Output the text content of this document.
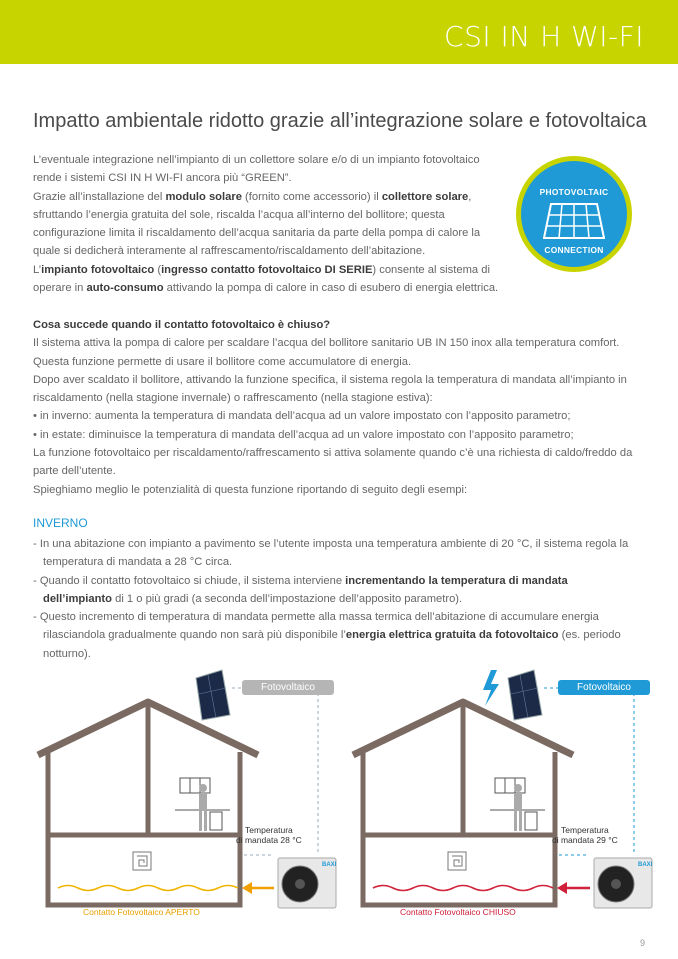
CSI IN H WI-FI
Impatto ambientale ridotto grazie all’integrazione solare e fotovoltaica
L’eventuale integrazione nell’impianto di un collettore solare e/o di un impianto fotovoltaico rende i sistemi CSI IN H WI-FI ancora più “GREEN”.
Grazie all’installazione del modulo solare (fornito come accessorio) il collettore solare, sfruttando l’energia gratuita del sole, riscalda l’acqua all’interno del bollitore; questa configurazione limita il riscaldamento dell’acqua sanitaria da parte della pompa di calore la quale si dedicherà interamente al raffrescamento/riscaldamento dell’abitazione.
L’impianto fotovoltaico (ingresso contatto fotovoltaico DI SERIE) consente al sistema di operare in auto-consumo attivando la pompa di calore in caso di esubero di energia elettrica.
PHOTOVOLTAIC
CONNECTION
Cosa succede quando il contatto fotovoltaico è chiuso?
Il sistema attiva la pompa di calore per scaldare l’acqua del bollitore sanitario UB IN 150 inox alla temperatura comfort. Questa funzione permette di usare il bollitore come accumulatore di energia.
Dopo aver scaldato il bollitore, attivando la funzione specifica, il sistema regola la temperatura di mandata all’impianto in riscaldamento (nella stagione invernale) o raffrescamento (nella stagione estiva):
• in inverno: aumenta la temperatura di mandata dell’acqua ad un valore impostato con l’apposito parametro;
• in estate: diminuisce la temperatura di mandata dell’acqua ad un valore impostato con l’apposito parametro;
La funzione fotovoltaico per riscaldamento/raffrescamento si attiva solamente quando c’è una richiesta di caldo/freddo da parte dell’utente.
Spieghiamo meglio le potenzialità di questa funzione riportando di seguito degli esempi:
INVERNO
- In una abitazione con impianto a pavimento se l’utente imposta una temperatura ambiente di 20 °C, il sistema regola la temperatura di mandata a 28 °C circa.
- Quando il contatto fotovoltaico si chiude, il sistema interviene incrementando la temperatura di mandata dell’impianto di 1 o più gradi (a seconda dell’impostazione dell’apposito parametro).
- Questo incremento di temperatura di mandata permette alla massa termica dell’abitazione di accumulare energia rilasciandola gradualmente quando non sarà più disponibile l’energia elettrica gratuita da fotovoltaico (es. periodo notturno).
BAXI
Fotovoltaico
Temperatura
di mandata 28 °C
Contatto Fotovoltaico APERTO
BAXI
Fotovoltaico
Temperatura
di mandata 29 °C
Contatto Fotovoltaico CHIUSO
9
